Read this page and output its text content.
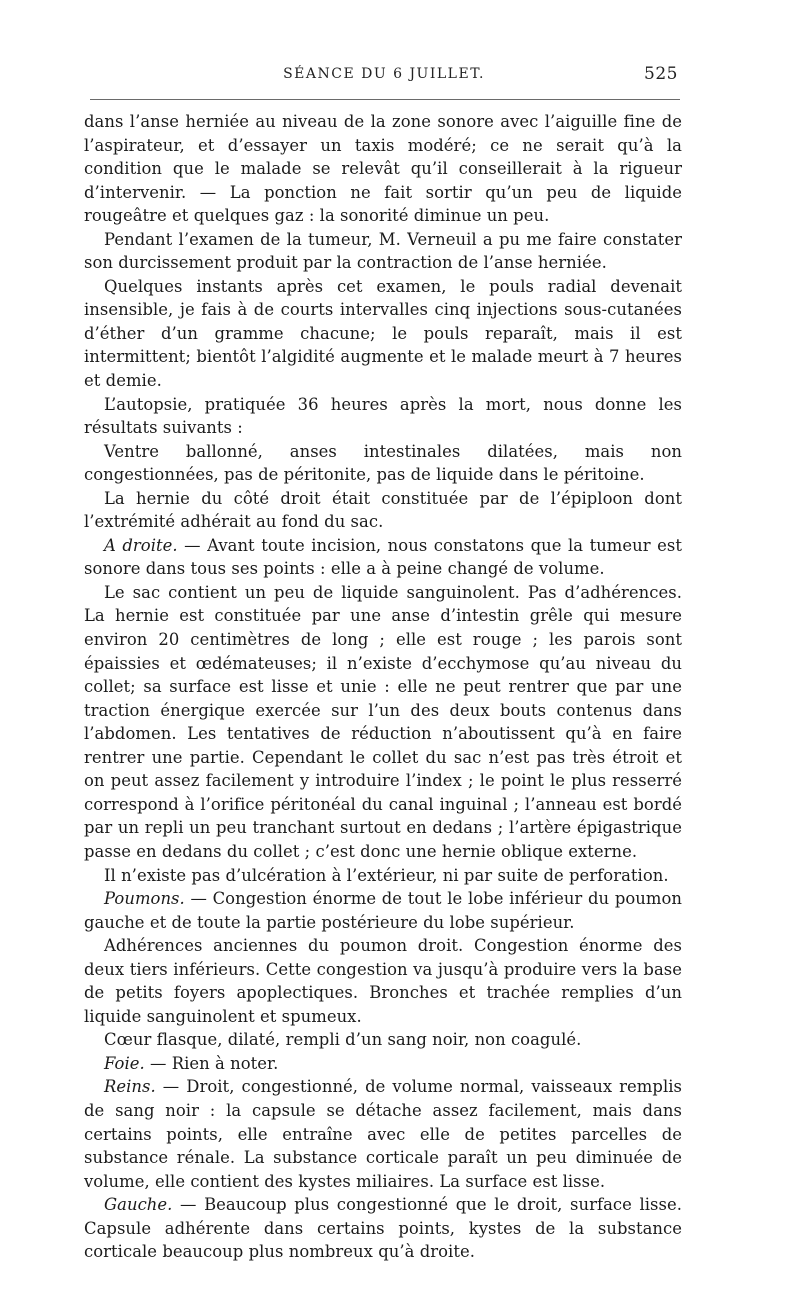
SÉANCE DU 6 JUILLET.	525

dans l’anse herniée au niveau de la zone sonore avec l’aiguille fine de l’aspirateur, et d’essayer un taxis modéré; ce ne serait qu’à la condition que le malade se relevât qu’il conseillerait à la rigueur d’intervenir. — La ponction ne fait sortir qu’un peu de liquide rougeâtre et quelques gaz : la sonorité diminue un peu.

Pendant l’examen de la tumeur, M. Verneuil a pu me faire constater son durcissement produit par la contraction de l’anse herniée.

Quelques instants après cet examen, le pouls radial devenait insensible, je fais à de courts intervalles cinq injections sous-cutanées d’éther d’un gramme chacune; le pouls reparaît, mais il est intermittent; bientôt l’algidité augmente et le malade meurt à 7 heures et demie.

L’autopsie, pratiquée 36 heures après la mort, nous donne les résultats suivants :

Ventre ballonné, anses intestinales dilatées, mais non congestionnées, pas de péritonite, pas de liquide dans le péritoine.

La hernie du côté droit était constituée par de l’épiploon dont l’extrémité adhérait au fond du sac.

A droite. — Avant toute incision, nous constatons que la tumeur est sonore dans tous ses points : elle a à peine changé de volume.

Le sac contient un peu de liquide sanguinolent. Pas d’adhérences. La hernie est constituée par une anse d’intestin grêle qui mesure environ 20 centimètres de long ; elle est rouge ; les parois sont épaissies et œdémateuses; il n’existe d’ecchymose qu’au niveau du collet; sa surface est lisse et unie : elle ne peut rentrer que par une traction énergique exercée sur l’un des deux bouts contenus dans l’abdomen. Les tentatives de réduction n’aboutissent qu’à en faire rentrer une partie. Cependant le collet du sac n’est pas très étroit et on peut assez facilement y introduire l’index ; le point le plus resserré correspond à l’orifice péritonéal du canal inguinal ; l’anneau est bordé par un repli un peu tranchant surtout en dedans ; l’artère épigastrique passe en dedans du collet ; c’est donc une hernie oblique externe.

Il n’existe pas d’ulcération à l’extérieur, ni par suite de perforation.

Poumons. — Congestion énorme de tout le lobe inférieur du poumon gauche et de toute la partie postérieure du lobe supérieur.

Adhérences anciennes du poumon droit. Congestion énorme des deux tiers inférieurs. Cette congestion va jusqu’à produire vers la base de petits foyers apoplectiques. Bronches et trachée remplies d’un liquide sanguinolent et spumeux.

Cœur flasque, dilaté, rempli d’un sang noir, non coagulé.

Foie. — Rien à noter.

Reins. — Droit, congestionné, de volume normal, vaisseaux remplis de sang noir : la capsule se détache assez facilement, mais dans certains points, elle entraîne avec elle de petites parcelles de substance rénale. La substance corticale paraît un peu diminuée de volume, elle contient des kystes miliaires. La surface est lisse.

Gauche. — Beaucoup plus congestionné que le droit, surface lisse. Capsule adhérente dans certains points, kystes de la substance corticale beaucoup plus nombreux qu’à droite.
